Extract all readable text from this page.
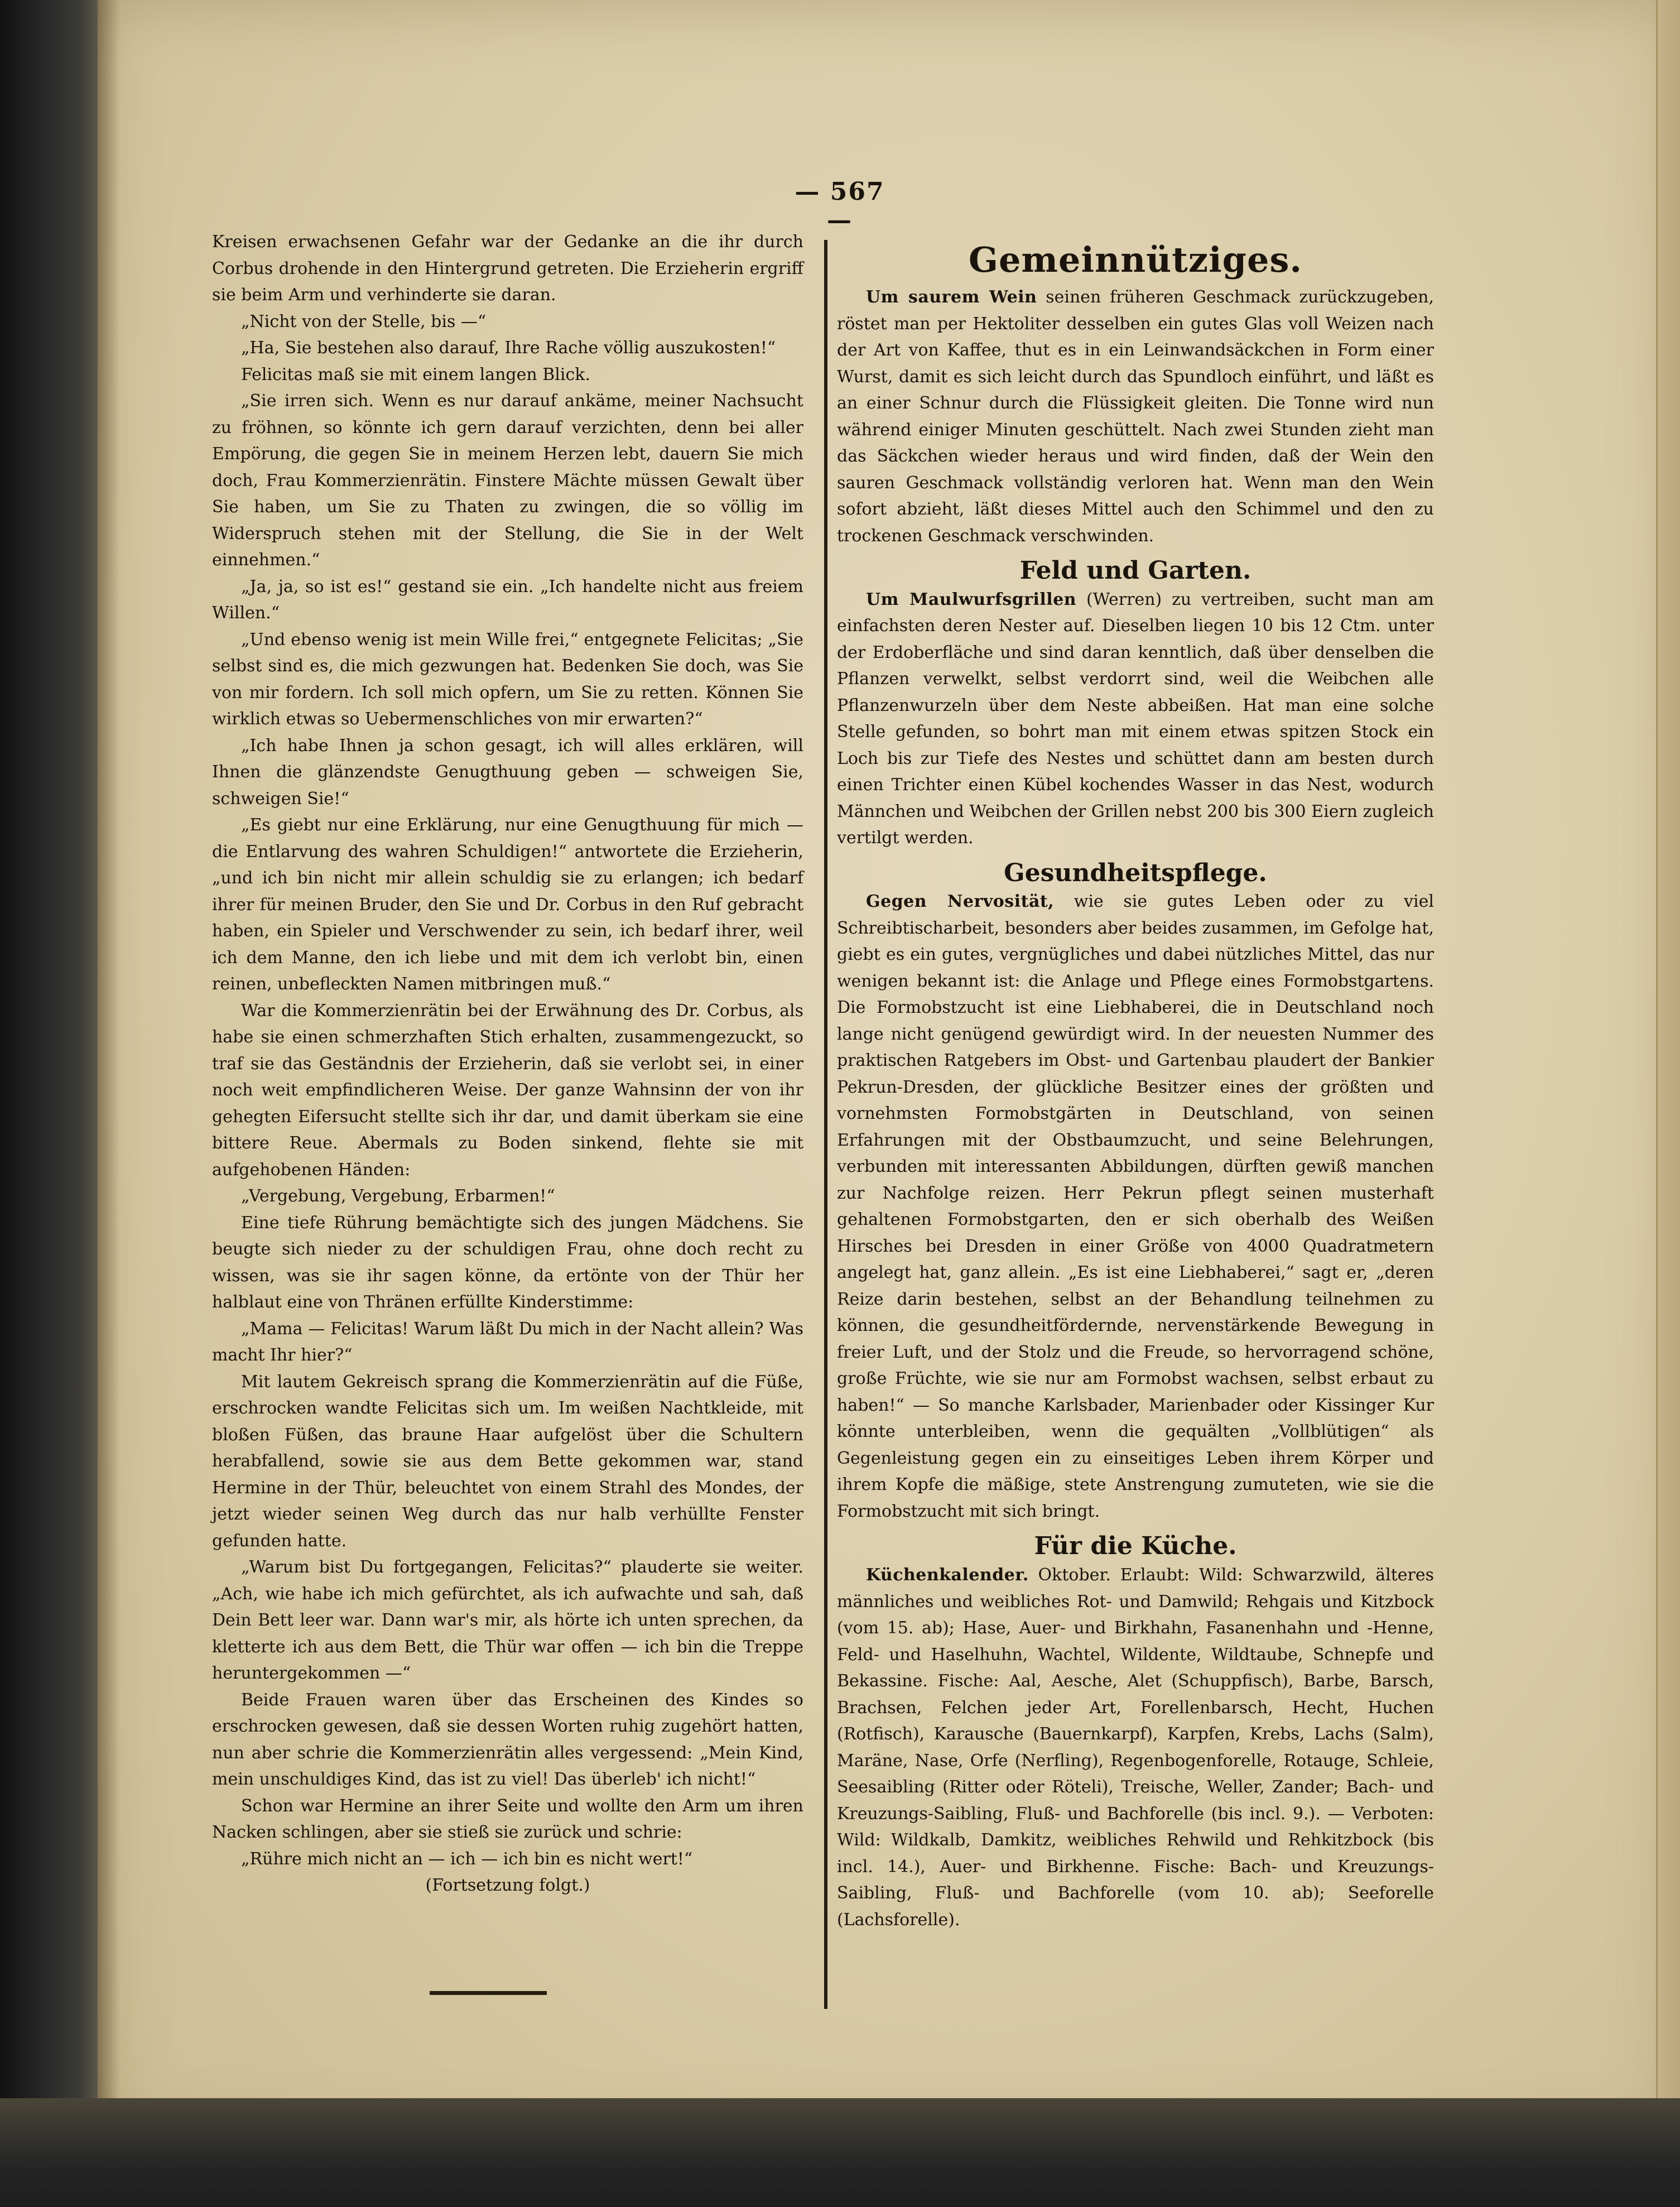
— 567 —

Kreisen erwachsenen Gefahr war der Gedanke an die ihr durch Corbus drohende in den Hintergrund getreten. Die Erzieherin ergriff sie beim Arm und verhinderte sie daran.

„Nicht von der Stelle, bis —“

„Ha, Sie bestehen also darauf, Ihre Rache völlig auszukosten!“

Felicitas maß sie mit einem langen Blick.

„Sie irren sich. Wenn es nur darauf ankäme, meiner Nachsucht zu fröhnen, so könnte ich gern darauf verzichten, denn bei aller Empörung, die gegen Sie in meinem Herzen lebt, dauern Sie mich doch, Frau Kommerzienrätin. Finstere Mächte müssen Gewalt über Sie haben, um Sie zu Thaten zu zwingen, die so völlig im Widerspruch stehen mit der Stellung, die Sie in der Welt einnehmen.“

„Ja, ja, so ist es!“ gestand sie ein. „Ich handelte nicht aus freiem Willen.“

„Und ebenso wenig ist mein Wille frei,“ entgegnete Felicitas; „Sie selbst sind es, die mich gezwungen hat. Bedenken Sie doch, was Sie von mir fordern. Ich soll mich opfern, um Sie zu retten. Können Sie wirklich etwas so Uebermenschliches von mir erwarten?“

„Ich habe Ihnen ja schon gesagt, ich will alles erklären, will Ihnen die glänzendste Genugthuung geben — schweigen Sie, schweigen Sie!“

„Es giebt nur eine Erklärung, nur eine Genugthuung für mich — die Entlarvung des wahren Schuldigen!“ antwortete die Erzieherin, „und ich bin nicht mir allein schuldig sie zu erlangen; ich bedarf ihrer für meinen Bruder, den Sie und Dr. Corbus in den Ruf gebracht haben, ein Spieler und Verschwender zu sein, ich bedarf ihrer, weil ich dem Manne, den ich liebe und mit dem ich verlobt bin, einen reinen, unbefleckten Namen mitbringen muß.“

War die Kommerzienrätin bei der Erwähnung des Dr. Corbus, als habe sie einen schmerzhaften Stich erhalten, zusammengezuckt, so traf sie das Geständnis der Erzieherin, daß sie verlobt sei, in einer noch weit empfindlicheren Weise. Der ganze Wahnsinn der von ihr gehegten Eifersucht stellte sich ihr dar, und damit überkam sie eine bittere Reue. Abermals zu Boden sinkend, flehte sie mit aufgehobenen Händen:

„Vergebung, Vergebung, Erbarmen!“

Eine tiefe Rührung bemächtigte sich des jungen Mädchens. Sie beugte sich nieder zu der schuldigen Frau, ohne doch recht zu wissen, was sie ihr sagen könne, da ertönte von der Thür her halblaut eine von Thränen erfüllte Kinderstimme:

„Mama — Felicitas! Warum läßt Du mich in der Nacht allein? Was macht Ihr hier?“

Mit lautem Gekreisch sprang die Kommerzienrätin auf die Füße, erschrocken wandte Felicitas sich um. Im weißen Nachtkleide, mit bloßen Füßen, das braune Haar aufgelöst über die Schultern herabfallend, sowie sie aus dem Bette gekommen war, stand Hermine in der Thür, beleuchtet von einem Strahl des Mondes, der jetzt wieder seinen Weg durch das nur halb verhüllte Fenster gefunden hatte.

„Warum bist Du fortgegangen, Felicitas?“ plauderte sie weiter. „Ach, wie habe ich mich gefürchtet, als ich aufwachte und sah, daß Dein Bett leer war. Dann war's mir, als hörte ich unten sprechen, da kletterte ich aus dem Bett, die Thür war offen — ich bin die Treppe heruntergekommen —“

Beide Frauen waren über das Erscheinen des Kindes so erschrocken gewesen, daß sie dessen Worten ruhig zugehört hatten, nun aber schrie die Kommerzienrätin alles vergessend: „Mein Kind, mein unschuldiges Kind, das ist zu viel! Das überleb' ich nicht!“

Schon war Hermine an ihrer Seite und wollte den Arm um ihren Nacken schlingen, aber sie stieß sie zurück und schrie:

„Rühre mich nicht an — ich — ich bin es nicht wert!“

(Fortsetzung folgt.)

Gemeinnütziges.

Um saurem Wein seinen früheren Geschmack zurückzugeben, röstet man per Hektoliter desselben ein gutes Glas voll Weizen nach der Art von Kaffee, thut es in ein Leinwandsäckchen in Form einer Wurst, damit es sich leicht durch das Spundloch einführt, und läßt es an einer Schnur durch die Flüssigkeit gleiten. Die Tonne wird nun während einiger Minuten geschüttelt. Nach zwei Stunden zieht man das Säckchen wieder heraus und wird finden, daß der Wein den sauren Geschmack vollständig verloren hat. Wenn man den Wein sofort abzieht, läßt dieses Mittel auch den Schimmel und den zu trockenen Geschmack verschwinden.

Feld und Garten.

Um Maulwurfsgrillen (Werren) zu vertreiben, sucht man am einfachsten deren Nester auf. Dieselben liegen 10 bis 12 Ctm. unter der Erdoberfläche und sind daran kenntlich, daß über denselben die Pflanzen verwelkt, selbst verdorrt sind, weil die Weibchen alle Pflanzenwurzeln über dem Neste abbeißen. Hat man eine solche Stelle gefunden, so bohrt man mit einem etwas spitzen Stock ein Loch bis zur Tiefe des Nestes und schüttet dann am besten durch einen Trichter einen Kübel kochendes Wasser in das Nest, wodurch Männchen und Weibchen der Grillen nebst 200 bis 300 Eiern zugleich vertilgt werden.

Gesundheitspflege.

Gegen Nervosität, wie sie gutes Leben oder zu viel Schreibtischarbeit, besonders aber beides zusammen, im Gefolge hat, giebt es ein gutes, vergnügliches und dabei nützliches Mittel, das nur wenigen bekannt ist: die Anlage und Pflege eines Formobstgartens. Die Formobstzucht ist eine Liebhaberei, die in Deutschland noch lange nicht genügend gewürdigt wird. In der neuesten Nummer des praktischen Ratgebers im Obst- und Gartenbau plaudert der Bankier Pekrun-Dresden, der glückliche Besitzer eines der größten und vornehmsten Formobstgärten in Deutschland, von seinen Erfahrungen mit der Obstbaumzucht, und seine Belehrungen, verbunden mit interessanten Abbildungen, dürften gewiß manchen zur Nachfolge reizen. Herr Pekrun pflegt seinen musterhaft gehaltenen Formobstgarten, den er sich oberhalb des Weißen Hirsches bei Dresden in einer Größe von 4000 Quadratmetern angelegt hat, ganz allein. „Es ist eine Liebhaberei,“ sagt er, „deren Reize darin bestehen, selbst an der Behandlung teilnehmen zu können, die gesundheitfördernde, nervenstärkende Bewegung in freier Luft, und der Stolz und die Freude, so hervorragend schöne, große Früchte, wie sie nur am Formobst wachsen, selbst erbaut zu haben!“ — So manche Karlsbader, Marienbader oder Kissinger Kur könnte unterbleiben, wenn die gequälten „Vollblütigen“ als Gegenleistung gegen ein zu einseitiges Leben ihrem Körper und ihrem Kopfe die mäßige, stete Anstrengung zumuteten, wie sie die Formobstzucht mit sich bringt.

Für die Küche.

Küchenkalender. Oktober. Erlaubt: Wild: Schwarzwild, älteres männliches und weibliches Rot- und Damwild; Rehgais und Kitzbock (vom 15. ab); Hase, Auer- und Birkhahn, Fasanenhahn und -Henne, Feld- und Haselhuhn, Wachtel, Wildente, Wildtaube, Schnepfe und Bekassine. Fische: Aal, Aesche, Alet (Schuppfisch), Barbe, Barsch, Brachsen, Felchen jeder Art, Forellenbarsch, Hecht, Huchen (Rotfisch), Karausche (Bauernkarpf), Karpfen, Krebs, Lachs (Salm), Maräne, Nase, Orfe (Nerfling), Regenbogenforelle, Rotauge, Schleie, Seesaibling (Ritter oder Röteli), Treische, Weller, Zander; Bach- und Kreuzungs-Saibling, Fluß- und Bachforelle (bis incl. 9.). — Verboten: Wild: Wildkalb, Damkitz, weibliches Rehwild und Rehkitzbock (bis incl. 14.), Auer- und Birkhenne. Fische: Bach- und Kreuzungs-Saibling, Fluß- und Bachforelle (vom 10. ab); Seeforelle (Lachsforelle).
